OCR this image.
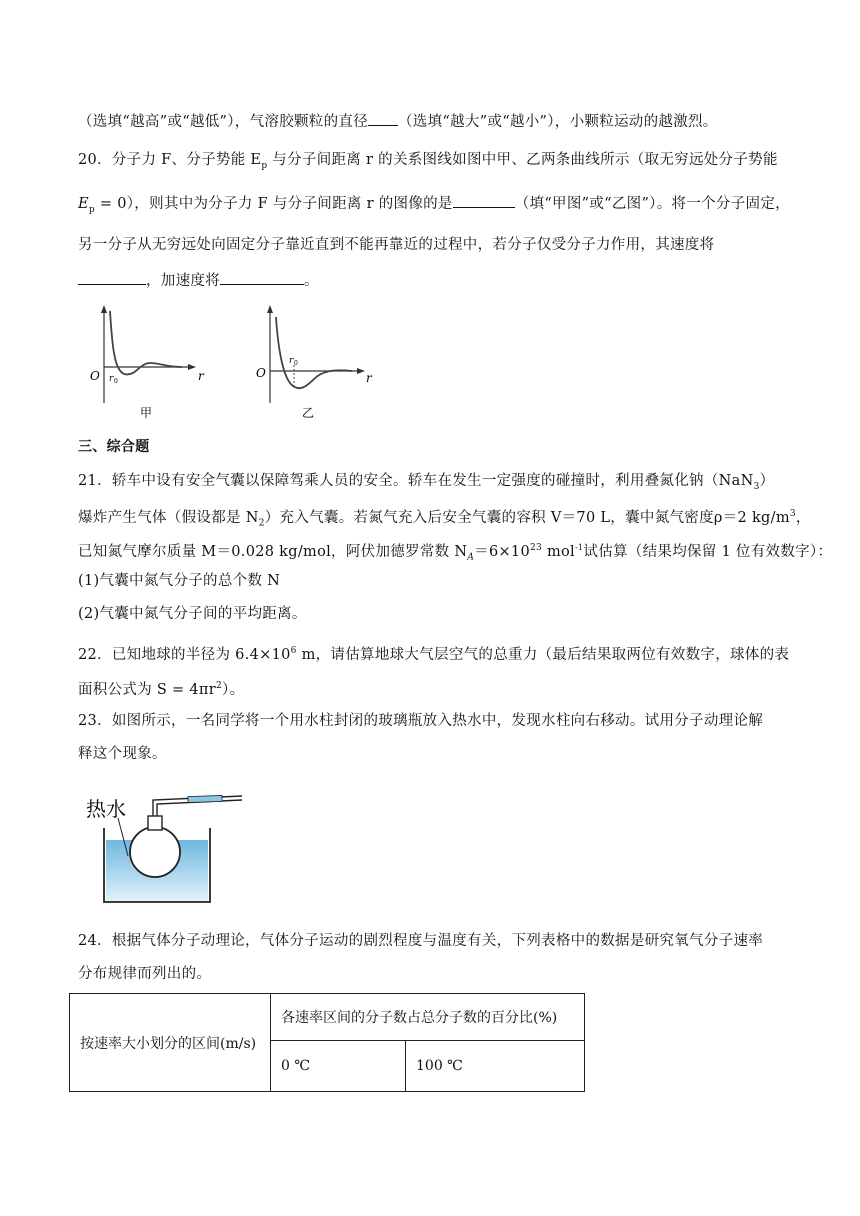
（选填“越高”或“越低”），气溶胶颗粒的直径 （选填“越大”或“越小”），小颗粒运动的越激烈。
20．分子力 F、分子势能 $E_p$ 与分子间距离 r 的关系图线如图中甲、乙两条曲线所示（取无穷远处分子势能
$E_p = 0$），则其中为分子力 F 与分子间距离 r 的图像的是	（填“甲图”或“乙图”）。将一个分子固定，
另一分子从无穷远处向固定分子靠近直到不能再靠近的过程中，若分子仅受分子力作用，其速度将
，加速度将	。
O r 0	r
甲
O
r 0
r
乙
三、综合题
21．轿车中设有安全气囊以保障驾乘人员的安全。轿车在发生一定强度的碰撞时，利用叠氮化钠（NaN$_3$）
爆炸产生气体（假设都是 $N_2$）充入气囊。若氮气充入后安全气囊的容积 V＝70 L，囊中氮气密度ρ＝2 $kg/m^3$，
已知氮气摩尔质量 M＝0.028 kg/mol，阿伏加德罗常数 $N_A=6\times 10^{23}$ mol$^{-1}$试估算（结果均保留 1 位有效数字）：
(1)气囊中氮气分子的总个数 N
(2)气囊中氮气分子间的平均距离。
22．已知地球的半径为 $6.4\times 10^6$ m，请估算地球大气层空气的总重力（最后结果取两位有效数字，球体的表
面积公式为 $S = 4\pi r^2$）。
23．如图所示，一名同学将一个用水柱封闭的玻璃瓶放入热水中，发现水柱向右移动。试用分子动理论解
释这个现象。
热水
24．根据气体分子动理论，气体分子运动的剧烈程度与温度有关，下列表格中的数据是研究氧气分子速率
分布规律而列出的。
按速率大小划分的区间(m/s)	各速率区间的分子数占总分子数的百分比(%)	
	0 ℃	100 ℃
